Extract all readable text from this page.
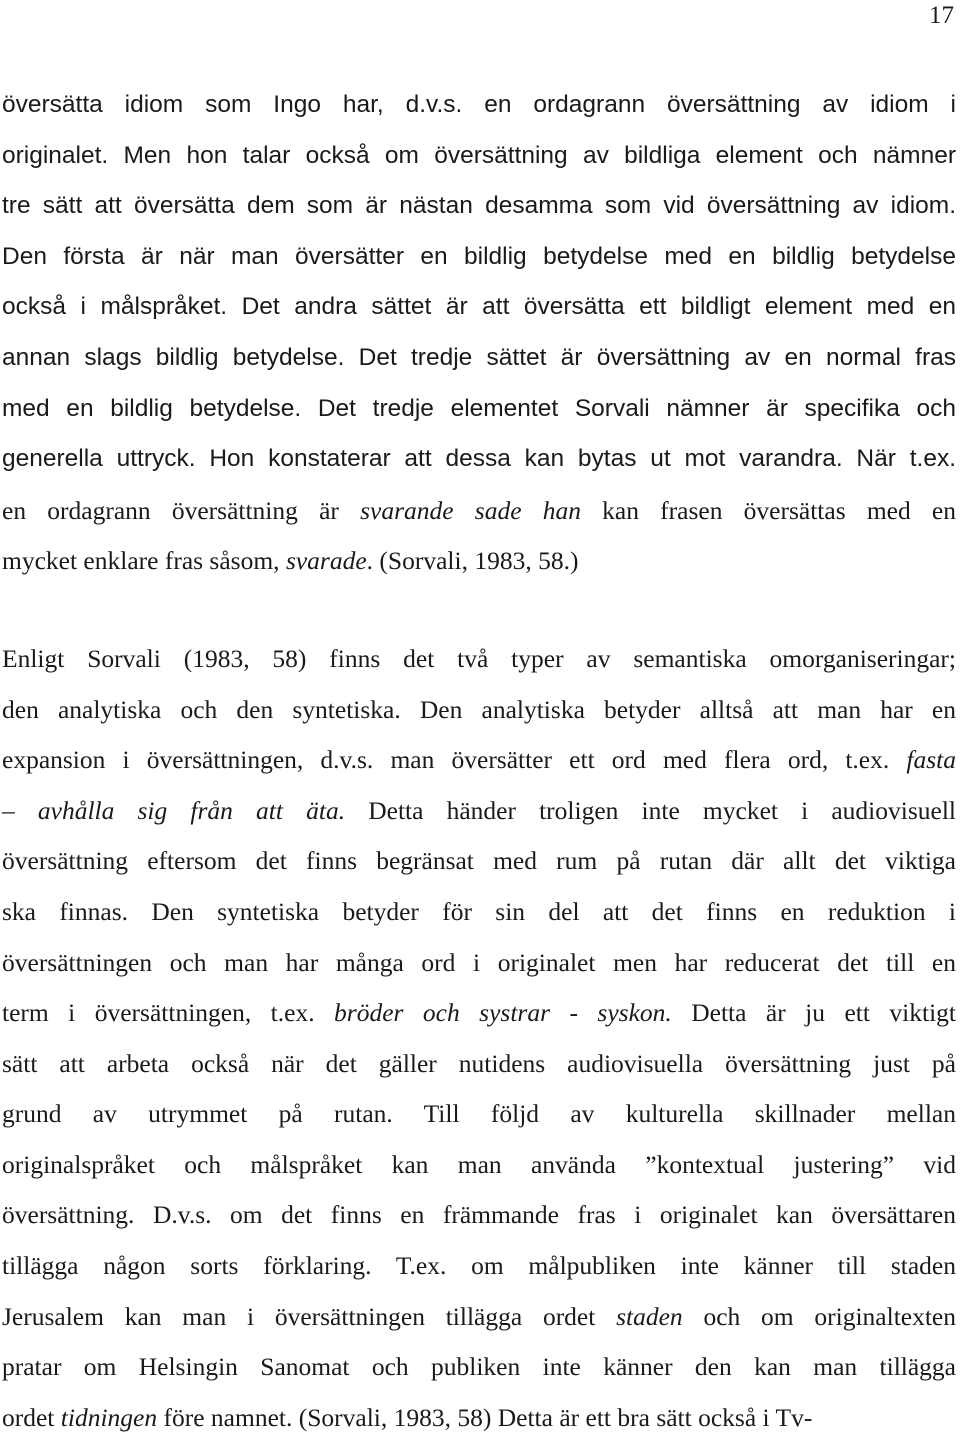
17
översätta idiom som Ingo har, d.v.s. en ordagrann översättning av idiom i
originalet. Men hon talar också om översättning av bildliga element och nämner
tre sätt att översätta dem som är nästan desamma som vid översättning av idiom.
Den första är när man översätter en bildlig betydelse med en bildlig betydelse
också i målspråket. Det andra sättet är att översätta ett bildligt element med en
annan slags bildlig betydelse. Det tredje sättet är översättning av en normal fras
med en bildlig betydelse. Det tredje elementet Sorvali nämner är specifika och
generella uttryck. Hon konstaterar att dessa kan bytas ut mot varandra. När t.ex.
en ordagrann översättning är svarande sade han kan frasen översättas med en
mycket enklare fras såsom, svarade. (Sorvali, 1983, 58.)
Enligt Sorvali (1983, 58) finns det två typer av semantiska omorganiseringar;
den analytiska och den syntetiska. Den analytiska betyder alltså att man har en
expansion i översättningen, d.v.s. man översätter ett ord med flera ord, t.ex. fasta
– avhålla sig från att äta. Detta händer troligen inte mycket i audiovisuell
översättning eftersom det finns begränsat med rum på rutan där allt det viktiga
ska finnas. Den syntetiska betyder för sin del att det finns en reduktion i
översättningen och man har många ord i originalet men har reducerat det till en
term i översättningen, t.ex. bröder och systrar - syskon. Detta är ju ett viktigt
sätt att arbeta också när det gäller nutidens audiovisuella översättning just på
grund av utrymmet på rutan. Till följd av kulturella skillnader mellan
originalspråket och målspråket kan man använda ”kontextual justering” vid
översättning. D.v.s. om det finns en främmande fras i originalet kan översättaren
tillägga någon sorts förklaring. T.ex. om målpubliken inte känner till staden
Jerusalem kan man i översättningen tillägga ordet staden och om originaltexten
pratar om Helsingin Sanomat och publiken inte känner den kan man tillägga
ordet tidningen före namnet. (Sorvali, 1983, 58) Detta är ett bra sätt också i Tv-
